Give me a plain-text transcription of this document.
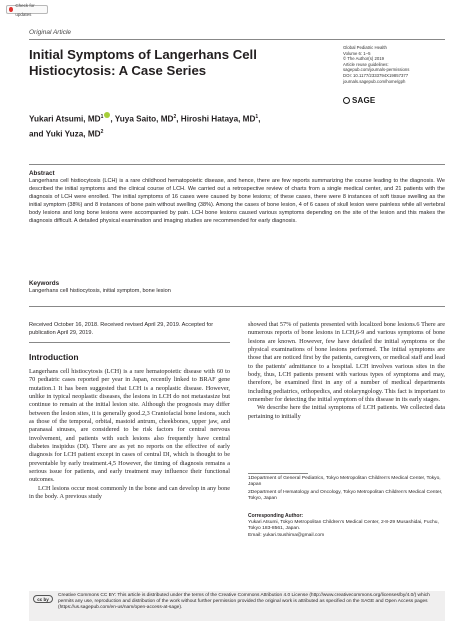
Check for updates
Original Article
Initial Symptoms of Langerhans Cell Histiocytosis: A Case Series
Global Pediatric Health
Volume 6: 1–5
© The Author(s) 2019
Article reuse guidelines:
sagepub.com/journals-permissions
DOI: 10.1177/2333794X19857377
journals.sagepub.com/home/gph
SAGE
Yukari Atsumi, $MD^1$ , Yuya Saito, $MD^2$, Hiroshi Hataya, $MD^1$,
and Yuki Yuza, $MD^2$
Abstract
Langerhans cell histiocytosis (LCH) is a rare childhood hematopoietic disease, and hence, there are few reports summarizing the course leading to the diagnosis. We described the initial symptoms and the clinical course of LCH. We carried out a retrospective review of charts from a single medical center, and 21 patients with the diagnosis of LCH were enrolled. The initial symptoms of 16 cases were caused by bone lesions; of these cases, there were 8 instances of soft tissue swelling as the initial symptom (38%) and 8 instances of bone pain without swelling (38%). Among the cases of bone lesion, 4 of 6 cases of skull lesion were painless while all vertebral body lesions and long bone lesions were accompanied by pain. LCH bone lesions caused various symptoms depending on the site of the lesion and this makes the diagnosis difficult. A detailed physical examination and imaging studies are recommended for early diagnosis.
Keywords
Langerhans cell histiocytosis, initial symptom, bone lesion
Received October 16, 2018. Received revised April 29, 2019. Accepted for publication April 29, 2019.
Introduction

Langerhans cell histiocytosis (LCH) is a rare hematopoietic disease with 60 to 70 pediatric cases reported per year in Japan, recently linked to BRAF gene mutation.1 It has been suggested that LCH is a neoplastic disease. However, unlike in typical neoplastic diseases, the lesions in LCH do not metastasize but continue to remain at the initial lesion site. Although the prognosis may differ between the lesion sites, it is generally good.2,3 Craniofacial bone lesions, such as those of the temporal, orbital, mastoid antrum, cheekbones, upper jaw, and paranasal sinuses, are considered to be risk factors for central nervous involvement, and patients with such lesions also frequently have central diabetes insipidus (DI). There are as yet no reports on the effective of early diagnosis for LCH patient except in cases of central DI, which is thought to be preventable by early treatment.4,5 However, the timing of diagnosis remains a serious issue for patients, and early treatment may influence their functional outcomes.

LCH lesions occur most commonly in the bone and can develop in any bone in the body. A previous study

showed that 57% of patients presented with localized bone lesions.6 There are numerous reports of bone lesions in LCH,6-9 and various symptoms of bone lesions are known. However, few have detailed the initial symptoms or the physical examinations of bone lesions performed. The initial symptoms are those that are noticed first by the patients, caregivers, or medical staff and lead to the patients' admittance to a hospital. LCH involves various sites in the body, thus, LCH patients present with various types of symptoms and may, therefore, be examined first in any of a number of medical departments including pediatrics, orthopedics, and otolaryngology. This fact is important to remember for detecting the initial symptom of this disease in its early stages.

We describe here the initial symptoms of LCH patients. We collected data pertaining to initially

1Department of General Pediatrics, Tokyo Metropolitan Children's Medical Center, Tokyo, Japan
2Department of Hematology and Oncology, Tokyo Metropolitan Children's Medical Center, Tokyo, Japan
Corresponding Author:
Yukari Atsumi, Tokyo Metropolitan Children's Medical Center, 2-8-29 Musashidai, Fuchu, Tokyo 183-8561, Japan.
Email: yukari.tsushima@gmail.com
cc by
Creative Commons CC BY: This article is distributed under the terms of the Creative Commons Attribution 4.0 License (http://www.creativecommons.org/licenses/by/4.0/) which permits any use, reproduction and distribution of the work without further permission provided the original work is attributed as specified on the SAGE and Open Access pages (https://us.sagepub.com/en-us/nam/open-access-at-sage).
